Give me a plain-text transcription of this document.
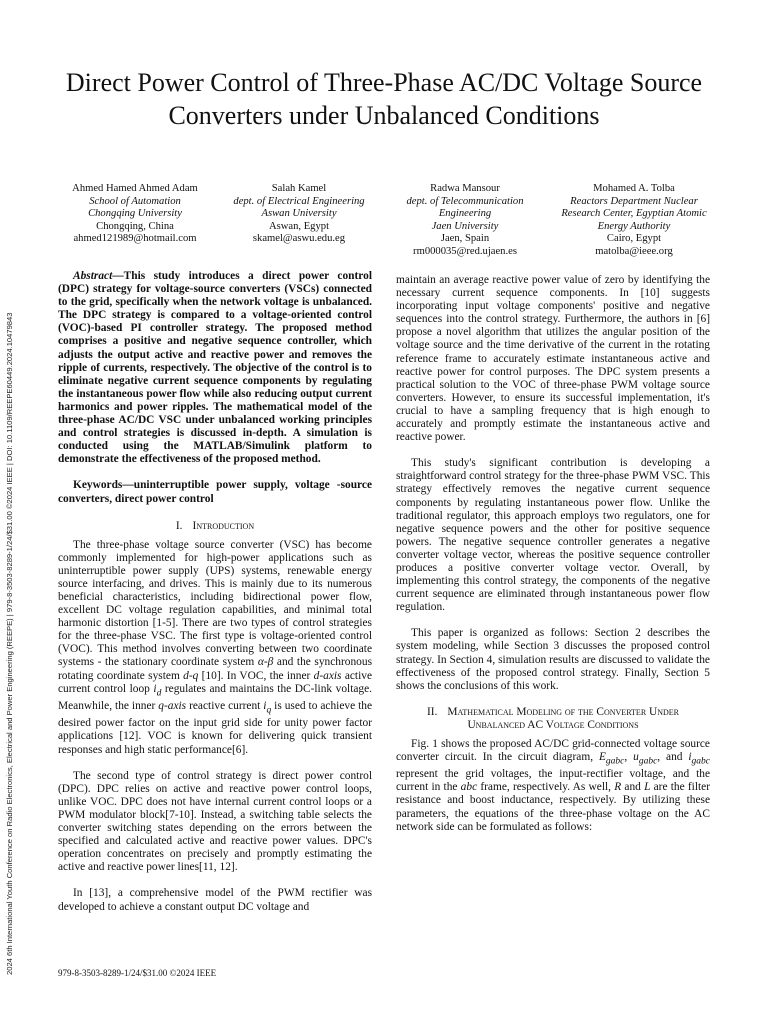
2024 6th International Youth Conference on Radio Electronics, Electrical and Power Engineering (REEPE) | 979-8-3503-8289-1/24/$31.00 ©2024 IEEE | DOI: 10.1109/REEPE60449.2024.10479843
Direct Power Control of Three-Phase AC/DC Voltage Source Converters under Unbalanced Conditions
Ahmed Hamed Ahmed Adam
School of Automation
Chongqing University
Chongqing, China
ahmed121989@hotmail.com
Salah Kamel
dept. of Electrical Engineering
Aswan University
Aswan, Egypt
skamel@aswu.edu.eg
Radwa Mansour
dept. of Telecommunication Engineering
Jaen University
Jaen, Spain
rm000035@red.ujaen.es
Mohamed A. Tolba
Reactors Department Nuclear Research Center, Egyptian Atomic Energy Authority
Cairo, Egypt
matolba@ieee.org

Abstract—This study introduces a direct power control (DPC) strategy for voltage-source converters (VSCs) connected to the grid, specifically when the network voltage is unbalanced. The DPC strategy is compared to a voltage-oriented control (VOC)-based PI controller strategy. The proposed method comprises a positive and negative sequence controller, which adjusts the output active and reactive power and removes the ripple of currents, respectively. The objective of the control is to eliminate negative current sequence components by regulating the instantaneous power flow while also reducing output current harmonics and power ripples. The mathematical model of the three-phase AC/DC VSC under unbalanced working principles and control strategies is discussed in-depth. A simulation is conducted using the MATLAB/Simulink platform to demonstrate the effectiveness of the proposed method.

Keywords—uninterruptible power supply, voltage -source converters, direct power control

I. Introduction

The three-phase voltage source converter (VSC) has become commonly implemented for high-power applications such as uninterruptible power supply (UPS) systems, renewable energy source interfacing, and drives. This is mainly due to its numerous beneficial characteristics, including bidirectional power flow, excellent DC voltage regulation capabilities, and minimal total harmonic distortion [1-5]. There are two types of control strategies for the three-phase VSC. The first type is voltage-oriented control (VOC). This method involves converting between two coordinate systems - the stationary coordinate system α-β and the synchronous rotating coordinate system d-q [10]. In VOC, the inner d-axis active current control loop $i_d$ regulates and maintains the DC-link voltage. Meanwhile, the inner q-axis reactive current $i_q$ is used to achieve the desired power factor on the input grid side for unity power factor applications [12]. VOC is known for delivering quick transient responses and high static performance[6].

The second type of control strategy is direct power control (DPC). DPC relies on active and reactive power control loops, unlike VOC. DPC does not have internal current control loops or a PWM modulator block[7-10]. Instead, a switching table selects the converter switching states depending on the errors between the specified and calculated active and reactive power values. DPC's operation concentrates on precisely and promptly estimating the active and reactive power lines[11, 12].

In [13], a comprehensive model of the PWM rectifier was developed to achieve a constant output DC voltage and

maintain an average reactive power value of zero by identifying the necessary current sequence components. In [10] suggests incorporating input voltage components' positive and negative sequences into the control strategy. Furthermore, the authors in [6] propose a novel algorithm that utilizes the angular position of the voltage source and the time derivative of the current in the rotating reference frame to accurately estimate instantaneous active and reactive power for control purposes. The DPC system presents a practical solution to the VOC of three-phase PWM voltage source converters. However, to ensure its successful implementation, it's crucial to have a sampling frequency that is high enough to accurately and promptly estimate the instantaneous active and reactive power.

This study's significant contribution is developing a straightforward control strategy for the three-phase PWM VSC. This strategy effectively removes the negative current sequence components by regulating instantaneous power flow. Unlike the traditional regulator, this approach employs two regulators, one for negative sequence powers and the other for positive sequence powers. The negative sequence controller generates a negative converter voltage vector, whereas the positive sequence controller produces a positive converter voltage vector. Overall, by implementing this control strategy, the components of the negative current sequence are eliminated through instantaneous power flow regulation.

This paper is organized as follows: Section 2 describes the system modeling, while Section 3 discusses the proposed control strategy. In Section 4, simulation results are discussed to validate the effectiveness of the proposed control strategy. Finally, Section 5 shows the conclusions of this work.

II. Mathematical Modeling of the Converter Under
Unbalanced AC Voltage Conditions

Fig. 1 shows the proposed AC/DC grid-connected voltage source converter circuit. In the circuit diagram, $E_{gabc}$, $u_{gabc}$, and $i_{gabc}$ represent the grid voltages, the input-rectifier voltage, and the current in the abc frame, respectively. As well, R and L are the filter resistance and boost inductance, respectively. By utilizing these parameters, the equations of the three-phase voltage on the AC network side can be formulated as follows:

979-8-3503-8289-1/24/$31.00 ©2024 IEEE
